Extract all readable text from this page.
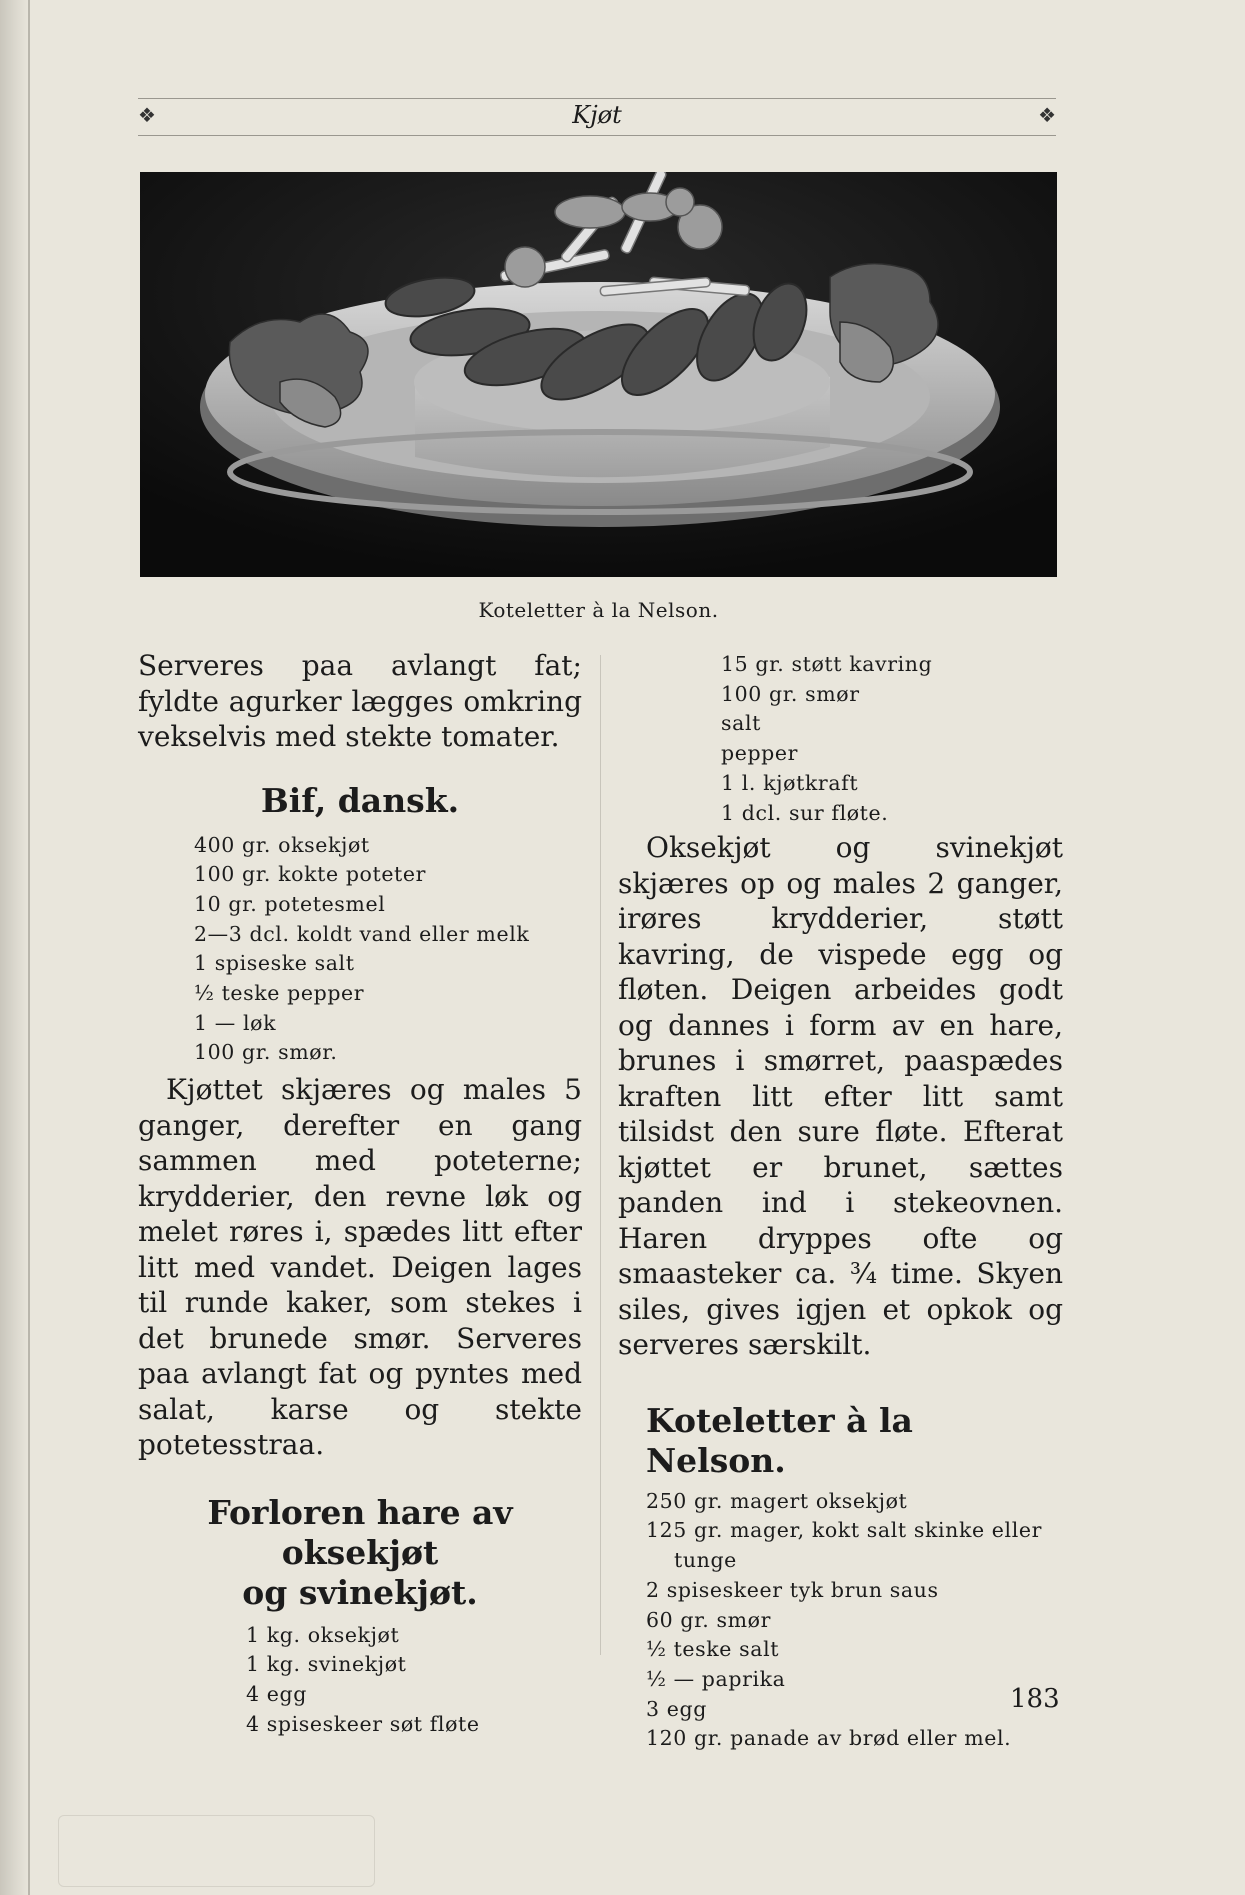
❖	Kjøt	❖
Koteletter à la Nelson.

Serveres paa avlangt fat; fyldte agurker lægges omkring vekselvis med stekte tomater.

Bif, dansk.
400 gr. oksekjøt
100 gr. kokte poteter
10 gr. potetesmel
2—3 dcl. koldt vand eller melk
1 spiseske salt
½ teske pepper
1 — løk
100 gr. smør.

Kjøttet skjæres og males 5 ganger, derefter en gang sammen med poteterne; krydderier, den revne løk og melet røres i, spædes litt efter litt med vandet. Deigen lages til runde kaker, som stekes i det brunede smør. Serveres paa avlangt fat og pyntes med salat, karse og stekte potetesstraa.

Forloren hare av oksekjøt
og svinekjøt.
1 kg. oksekjøt
1 kg. svinekjøt
4 egg
4 spiseskeer søt fløte
15 gr. støtt kavring
100 gr. smør
salt
pepper
1 l. kjøtkraft
1 dcl. sur fløte.

Oksekjøt og svinekjøt skjæres op og males 2 ganger, irøres krydderier, støtt kavring, de vispede egg og fløten. Deigen arbeides godt og dannes i form av en hare, brunes i smørret, paaspædes kraften litt efter litt samt tilsidst den sure fløte. Efterat kjøttet er brunet, sættes panden ind i stekeovnen. Haren dryppes ofte og smaasteker ca. ¾ time. Skyen siles, gives igjen et opkok og serveres særskilt.

Koteletter à la Nelson.
250 gr. magert oksekjøt
125 gr. mager, kokt salt skinke eller
tunge
2 spiseskeer tyk brun saus
60 gr. smør
½ teske salt
½ — paprika
3 egg
120 gr. panade av brød eller mel.
183
